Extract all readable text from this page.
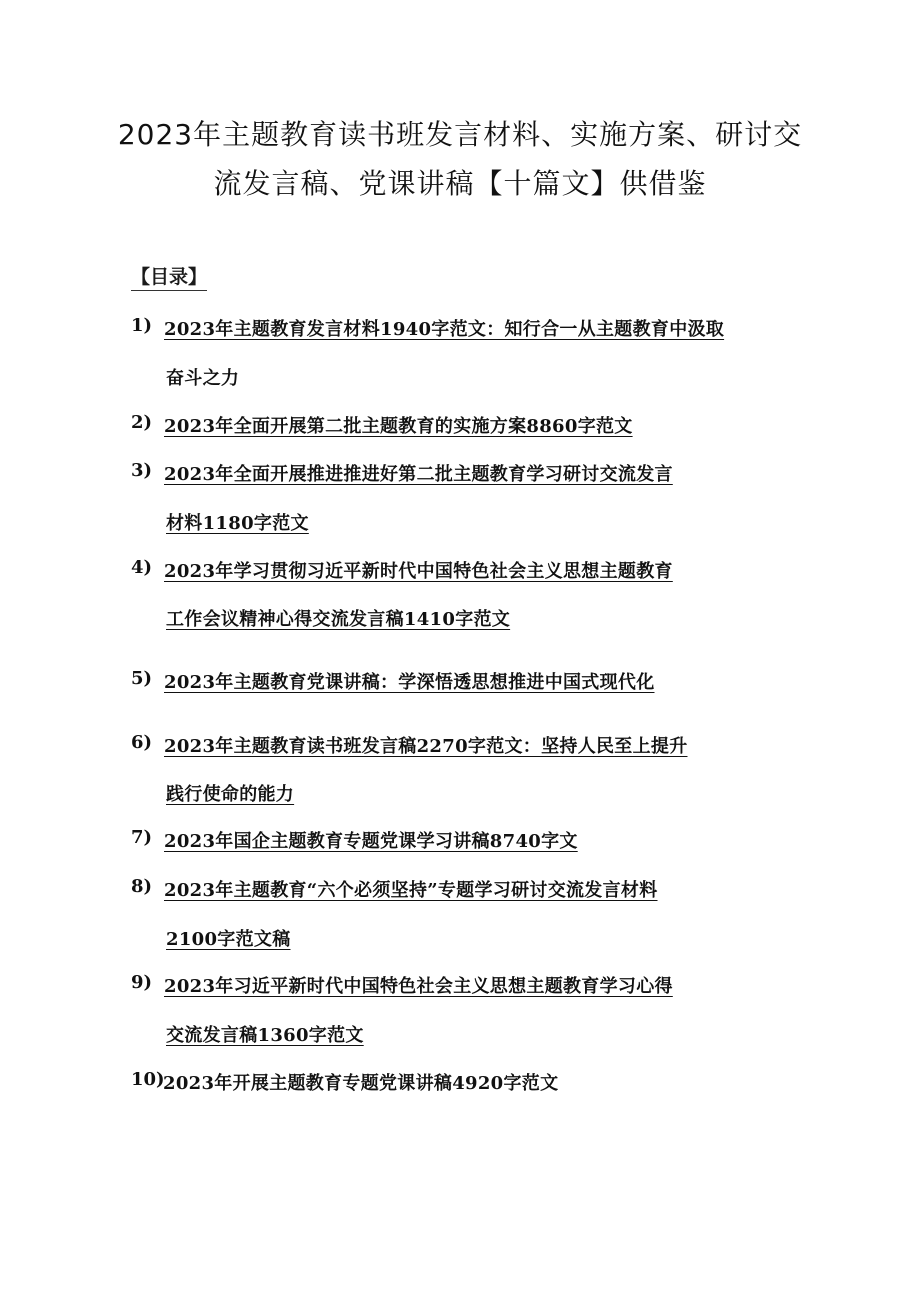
2023年主题教育读书班发言材料、实施方案、研讨交
流发言稿、党课讲稿【十篇文】供借鉴
【目录】
1) 2023年主题教育发言材料1940字范文：知行合一从主题教育中汲取
奋斗之力
2) 2023年全面开展第二批主题教育的实施方案8860字范文
3) 2023年全面开展推进推进好第二批主题教育学习研讨交流发言
材料1180字范文
4) 2023年学习贯彻习近平新时代中国特色社会主义思想主题教育
工作会议精神心得交流发言稿1410字范文
5) 2023年主题教育党课讲稿：学深悟透思想推进中国式现代化
6) 2023年主题教育读书班发言稿2270字范文：坚持人民至上提升
践行使命的能力
7) 2023年国企主题教育专题党课学习讲稿8740字文
8) 2023年主题教育“六个必须坚持”专题学习研讨交流发言材料
2100字范文稿
9) 2023年习近平新时代中国特色社会主义思想主题教育学习心得
交流发言稿1360字范文
10)
2023年开展主题教育专题党课讲稿4920字范文
